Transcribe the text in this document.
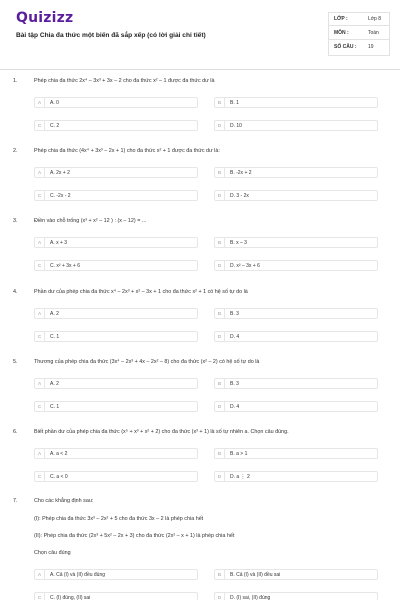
Quizizz
Bài tập Chia đa thức một biến đã sắp xếp (có lời giải chi tiết)
LỚP :	Lớp 8
MÔN :	Toán
SỐ CÂU : 19
1.	Phép chia đa thức 2x⁴ – 3x³ + 3x – 2 cho đa thức x² – 1 được đa thức dư là
A	A. 0	B	B. 1
C	C. 2	D	D. 10
2.	Phép chia đa thức (4x⁴ + 3x³ – 2x + 1) cho đa thức x² + 1 được đa thức dư là:
A	A. 2x + 2	B	B. -2x + 2
C	C. -2x - 2	D	D. 3 - 2x
3.	Điền vào chỗ trống (x³ + x² – 12 ) : (x – 12) = ...
A	A. x + 3	B	B. x – 3
C	C. x² + 3x + 6	D	D. x² – 3x + 6
4.	Phần dư của phép chia đa thức x⁴ – 2x³ + x² – 3x + 1 cho đa thức x² + 1 có hệ số tự do là
A	A. 2	B	B. 3
C	C. 1	D	D. 4
5.	Thương của phép chia đa thức (3x⁴ – 2x³ + 4x – 2x² – 8) cho đa thức (x² – 2) có hệ số tự do là
A	A. 2	B	B. 3
C	C. 1	D	D. 4
6.	Biết phần dư của phép chia đa thức (x⁵ + x³ + x² + 2) cho đa thức (x³ + 1) là số tự nhiên a. Chọn câu đúng.
A	A. a < 2	B	B. a > 1
C	C. a < 0	D	D. a ⋮ 2
7.	Cho các khẳng định sau:
(I): Phép chia đa thức 3x³ – 2x² + 5 cho đa thức 3x – 2 là phép chia hết
(II): Phép chia đa thức (2x³ + 5x² – 2x + 3) cho đa thức (2x² – x + 1) là phép chia hết
Chọn câu đúng
A	A. Cả (I) và (II) đều đúng	B	B. Cả (I) và (II) đều sai
C	C. (I) đúng, (II) sai	D	D. (I) sai, (II) đúng
